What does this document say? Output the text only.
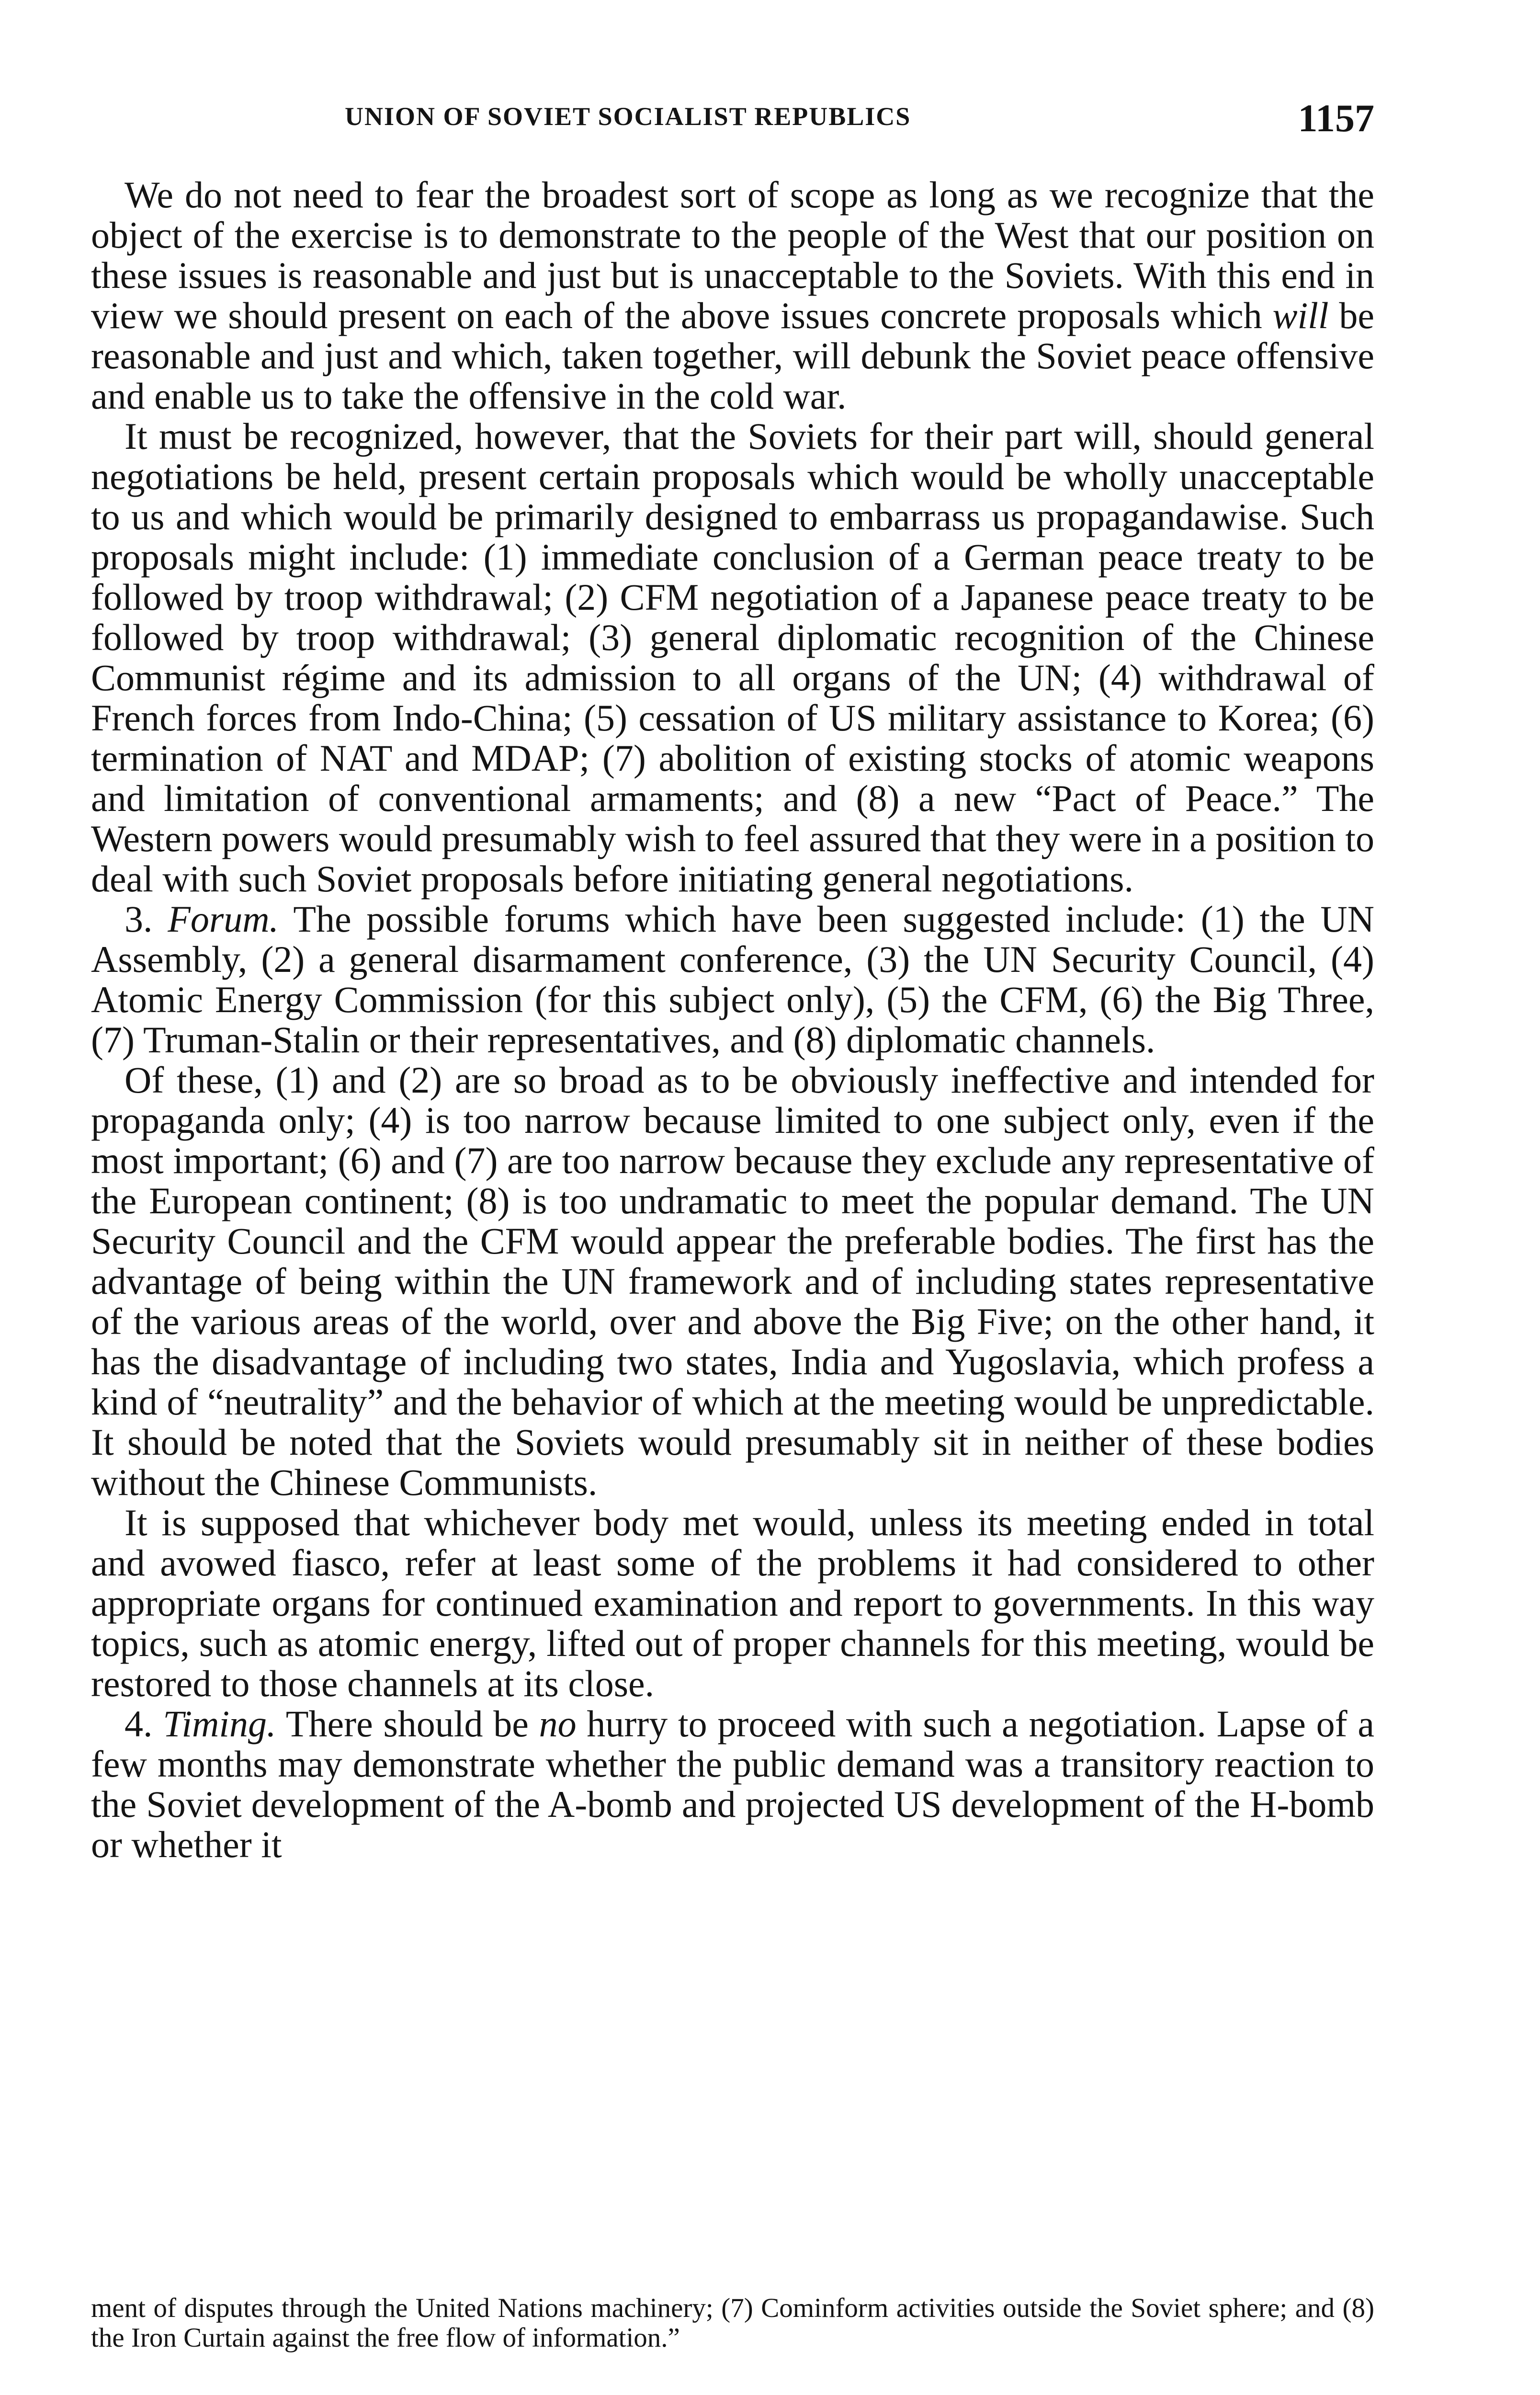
UNION OF SOVIET SOCIALIST REPUBLICS	1157

We do not need to fear the broadest sort of scope as long as we recognize that the object of the exercise is to demonstrate to the people of the West that our position on these issues is reasonable and just but is unacceptable to the Soviets. With this end in view we should present on each of the above issues concrete proposals which will be reasonable and just and which, taken together, will debunk the Soviet peace offensive and enable us to take the offensive in the cold war.

It must be recognized, however, that the Soviets for their part will, should general negotiations be held, present certain proposals which would be wholly unacceptable to us and which would be primarily designed to embarrass us propagandawise. Such proposals might include: (1) immediate conclusion of a German peace treaty to be followed by troop withdrawal; (2) CFM negotiation of a Japanese peace treaty to be followed by troop withdrawal; (3) general diplomatic recognition of the Chinese Communist régime and its admission to all organs of the UN; (4) withdrawal of French forces from Indo-China; (5) cessation of US military assistance to Korea; (6) termination of NAT and MDAP; (7) abolition of existing stocks of atomic weapons and limitation of conventional armaments; and (8) a new “Pact of Peace.” The Western powers would presumably wish to feel assured that they were in a position to deal with such Soviet proposals before initiating general negotiations.

3. Forum. The possible forums which have been suggested include: (1) the UN Assembly, (2) a general disarmament conference, (3) the UN Security Council, (4) Atomic Energy Commission (for this subject only), (5) the CFM, (6) the Big Three, (7) Truman-Stalin or their representatives, and (8) diplomatic channels.

Of these, (1) and (2) are so broad as to be obviously ineffective and intended for propaganda only; (4) is too narrow because limited to one subject only, even if the most important; (6) and (7) are too narrow because they exclude any representative of the European continent; (8) is too undramatic to meet the popular demand. The UN Security Council and the CFM would appear the preferable bodies. The first has the advantage of being within the UN framework and of including states representative of the various areas of the world, over and above the Big Five; on the other hand, it has the disadvantage of including two states, India and Yugoslavia, which profess a kind of “neutrality” and the behavior of which at the meeting would be unpredictable. It should be noted that the Soviets would presumably sit in neither of these bodies without the Chinese Communists.

It is supposed that whichever body met would, unless its meeting ended in total and avowed fiasco, refer at least some of the problems it had considered to other appropriate organs for continued examination and report to governments. In this way topics, such as atomic energy, lifted out of proper channels for this meeting, would be restored to those channels at its close.

4. Timing. There should be no hurry to proceed with such a negotiation. Lapse of a few months may demonstrate whether the public demand was a transitory reaction to the Soviet development of the A-bomb and projected US development of the H-bomb or whether it

ment of disputes through the United Nations machinery; (7) Cominform activities outside the Soviet sphere; and (8) the Iron Curtain against the free flow of information.”
